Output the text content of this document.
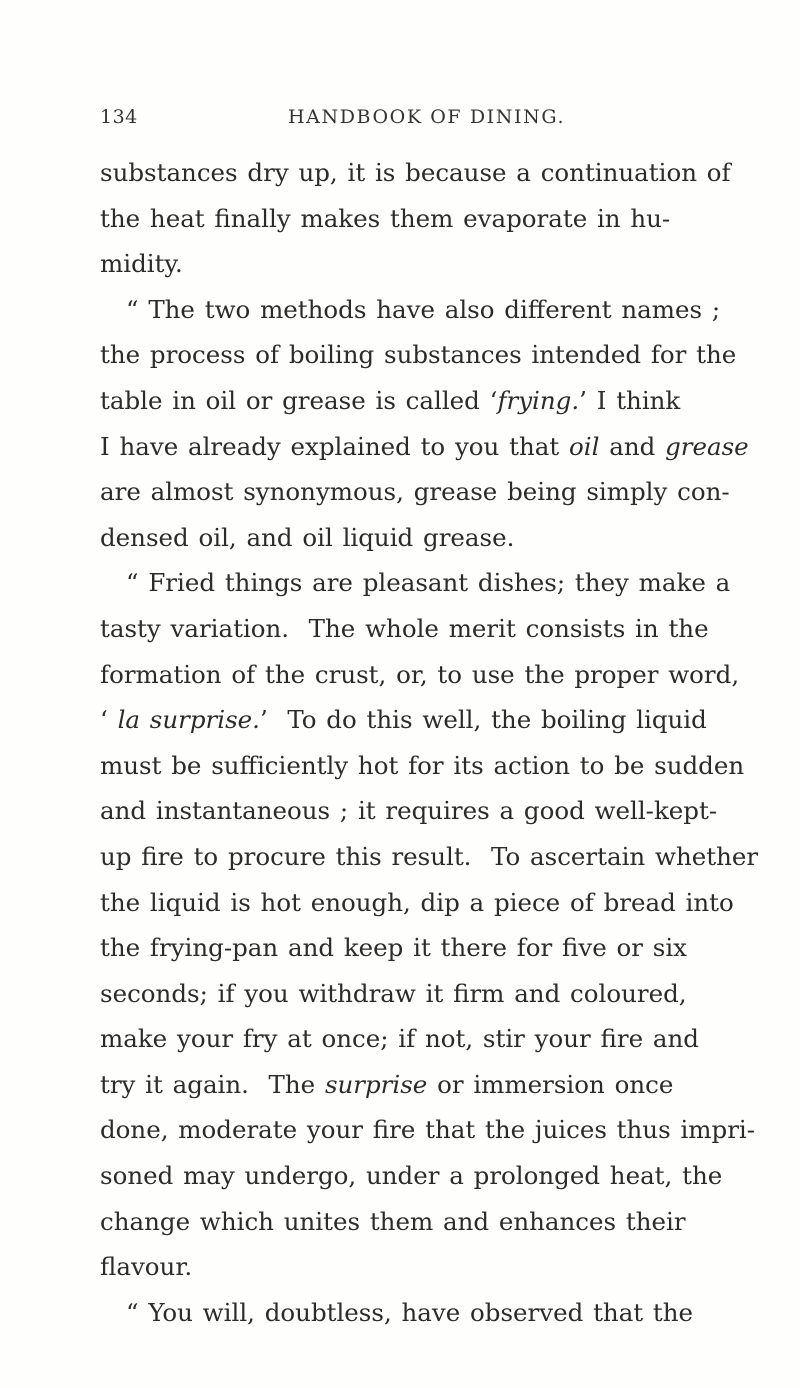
134	HANDBOOK OF DINING.
substances dry up, it is because a continuation of
the heat finally makes them evaporate in hu-
midity.
“ The two methods have also different names ;
the process of boiling substances intended for the
table in oil or grease is called ‘frying.’ I think
I have already explained to you that oil and grease
are almost synonymous, grease being simply con-
densed oil, and oil liquid grease.
“ Fried things are pleasant dishes; they make a
tasty variation.  The whole merit consists in the
formation of the crust, or, to use the proper word,
‘ la surprise.’  To do this well, the boiling liquid
must be sufficiently hot for its action to be sudden
and instantaneous ; it requires a good well-kept-
up fire to procure this result.  To ascertain whether
the liquid is hot enough, dip a piece of bread into
the frying-pan and keep it there for five or six
seconds; if you withdraw it firm and coloured,
make your fry at once; if not, stir your fire and
try it again.  The surprise or immersion once
done, moderate your fire that the juices thus impri-
soned may undergo, under a prolonged heat, the
change which unites them and enhances their
flavour.
“ You will, doubtless, have observed that the
